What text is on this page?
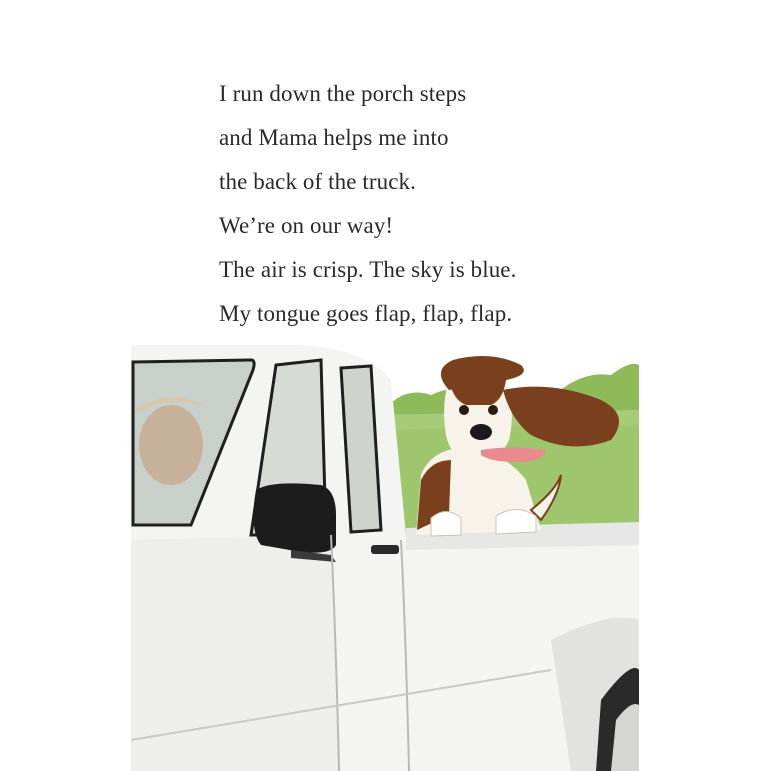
I run down the porch steps
and Mama helps me into
the back of the truck.
We’re on our way!
The air is crisp. The sky is blue.
My tongue goes flap, flap, flap.
